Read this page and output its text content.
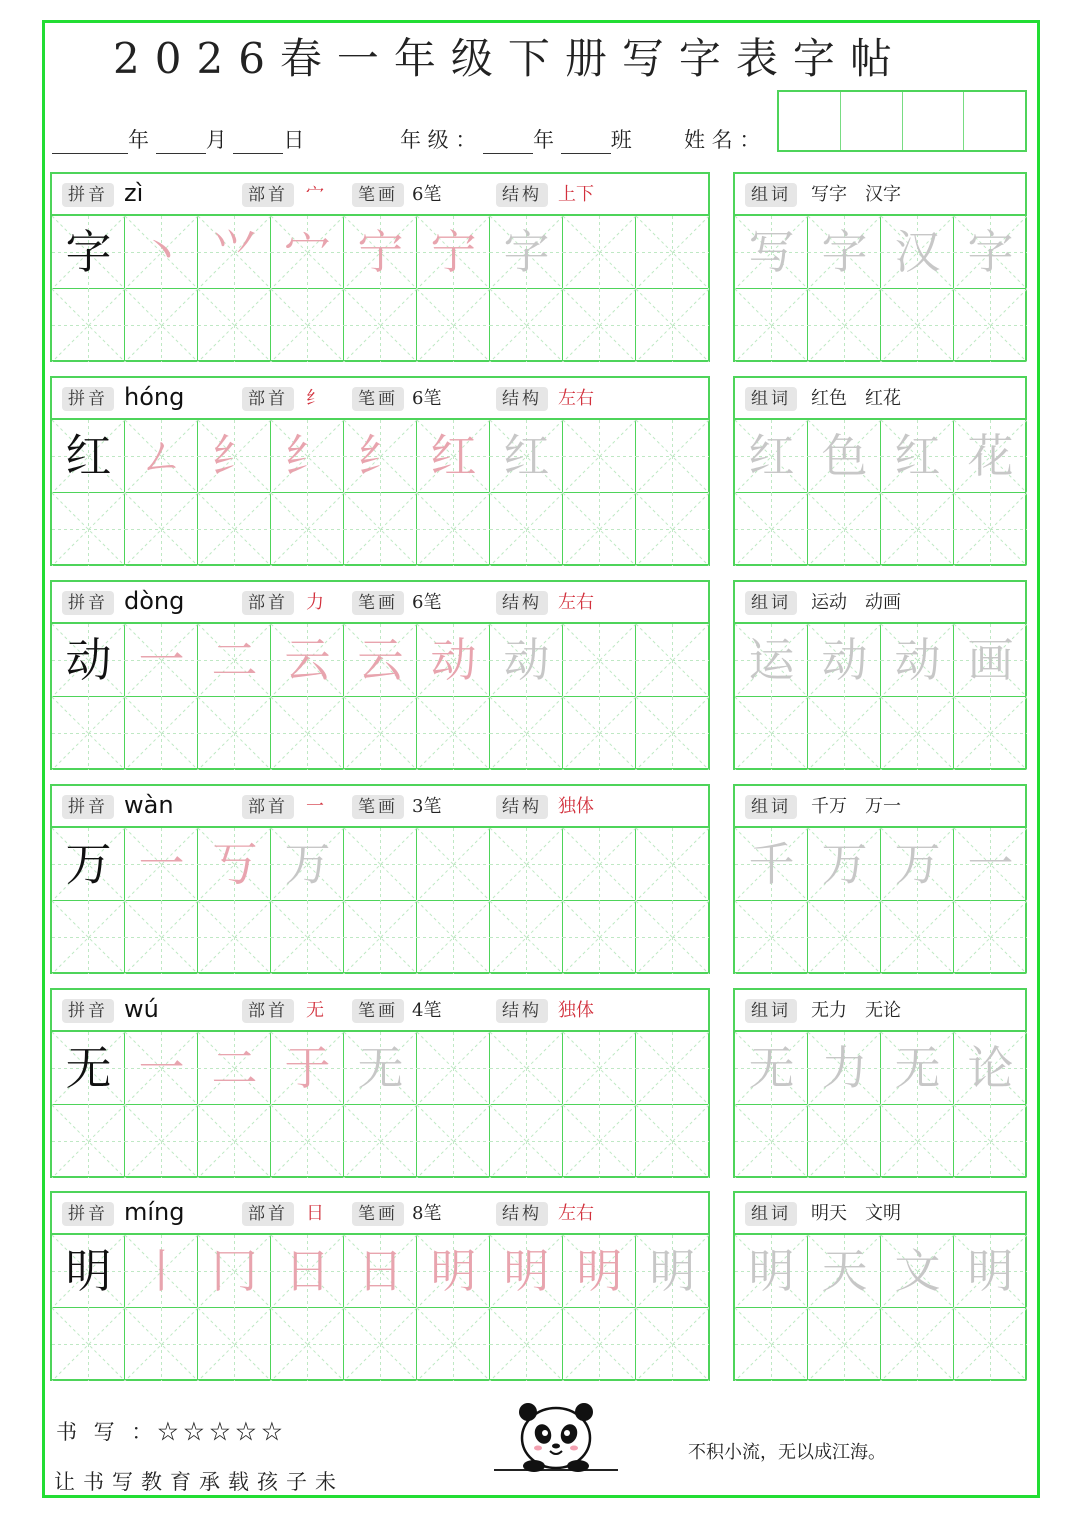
2026春一年级下册写字表字帖
年	月	日	年 级 ：	年	班 姓 名 ：
拼音 zì	部首	宀	笔画 6笔	结构 上下
字 丶 ⺍ 宀 宁 宁 字
组词	写字　汉字
写 字 汉 字
拼音 hóng	部首	纟	笔画 6笔	结构 左右
红 ㄥ 纟 纟 纟 红 红
组词	红色　红花
红 色 红 花
拼音 dòng	部首	力	笔画 6笔	结构 左右
动 一 二 云 云 动 动
组词	运动　动画
运 动 动 画
拼音 wàn	部首	一	笔画 3笔	结构 独体
万 一 丂 万
组词	千万　万一
千 万 万 一
拼音 wú	部首	无	笔画 4笔	结构 独体
无 一 二 于 无
组词	无力　无论
无 力 无 论
拼音 míng	部首	日	笔画 8笔	结构 左右
明 丨 冂 日 日 明 明 明 明
组词	明天　文明
明 天 文 明
书 写 ：☆☆☆☆☆
让书写教育承载孩子未
不积小流，无以成江海。
